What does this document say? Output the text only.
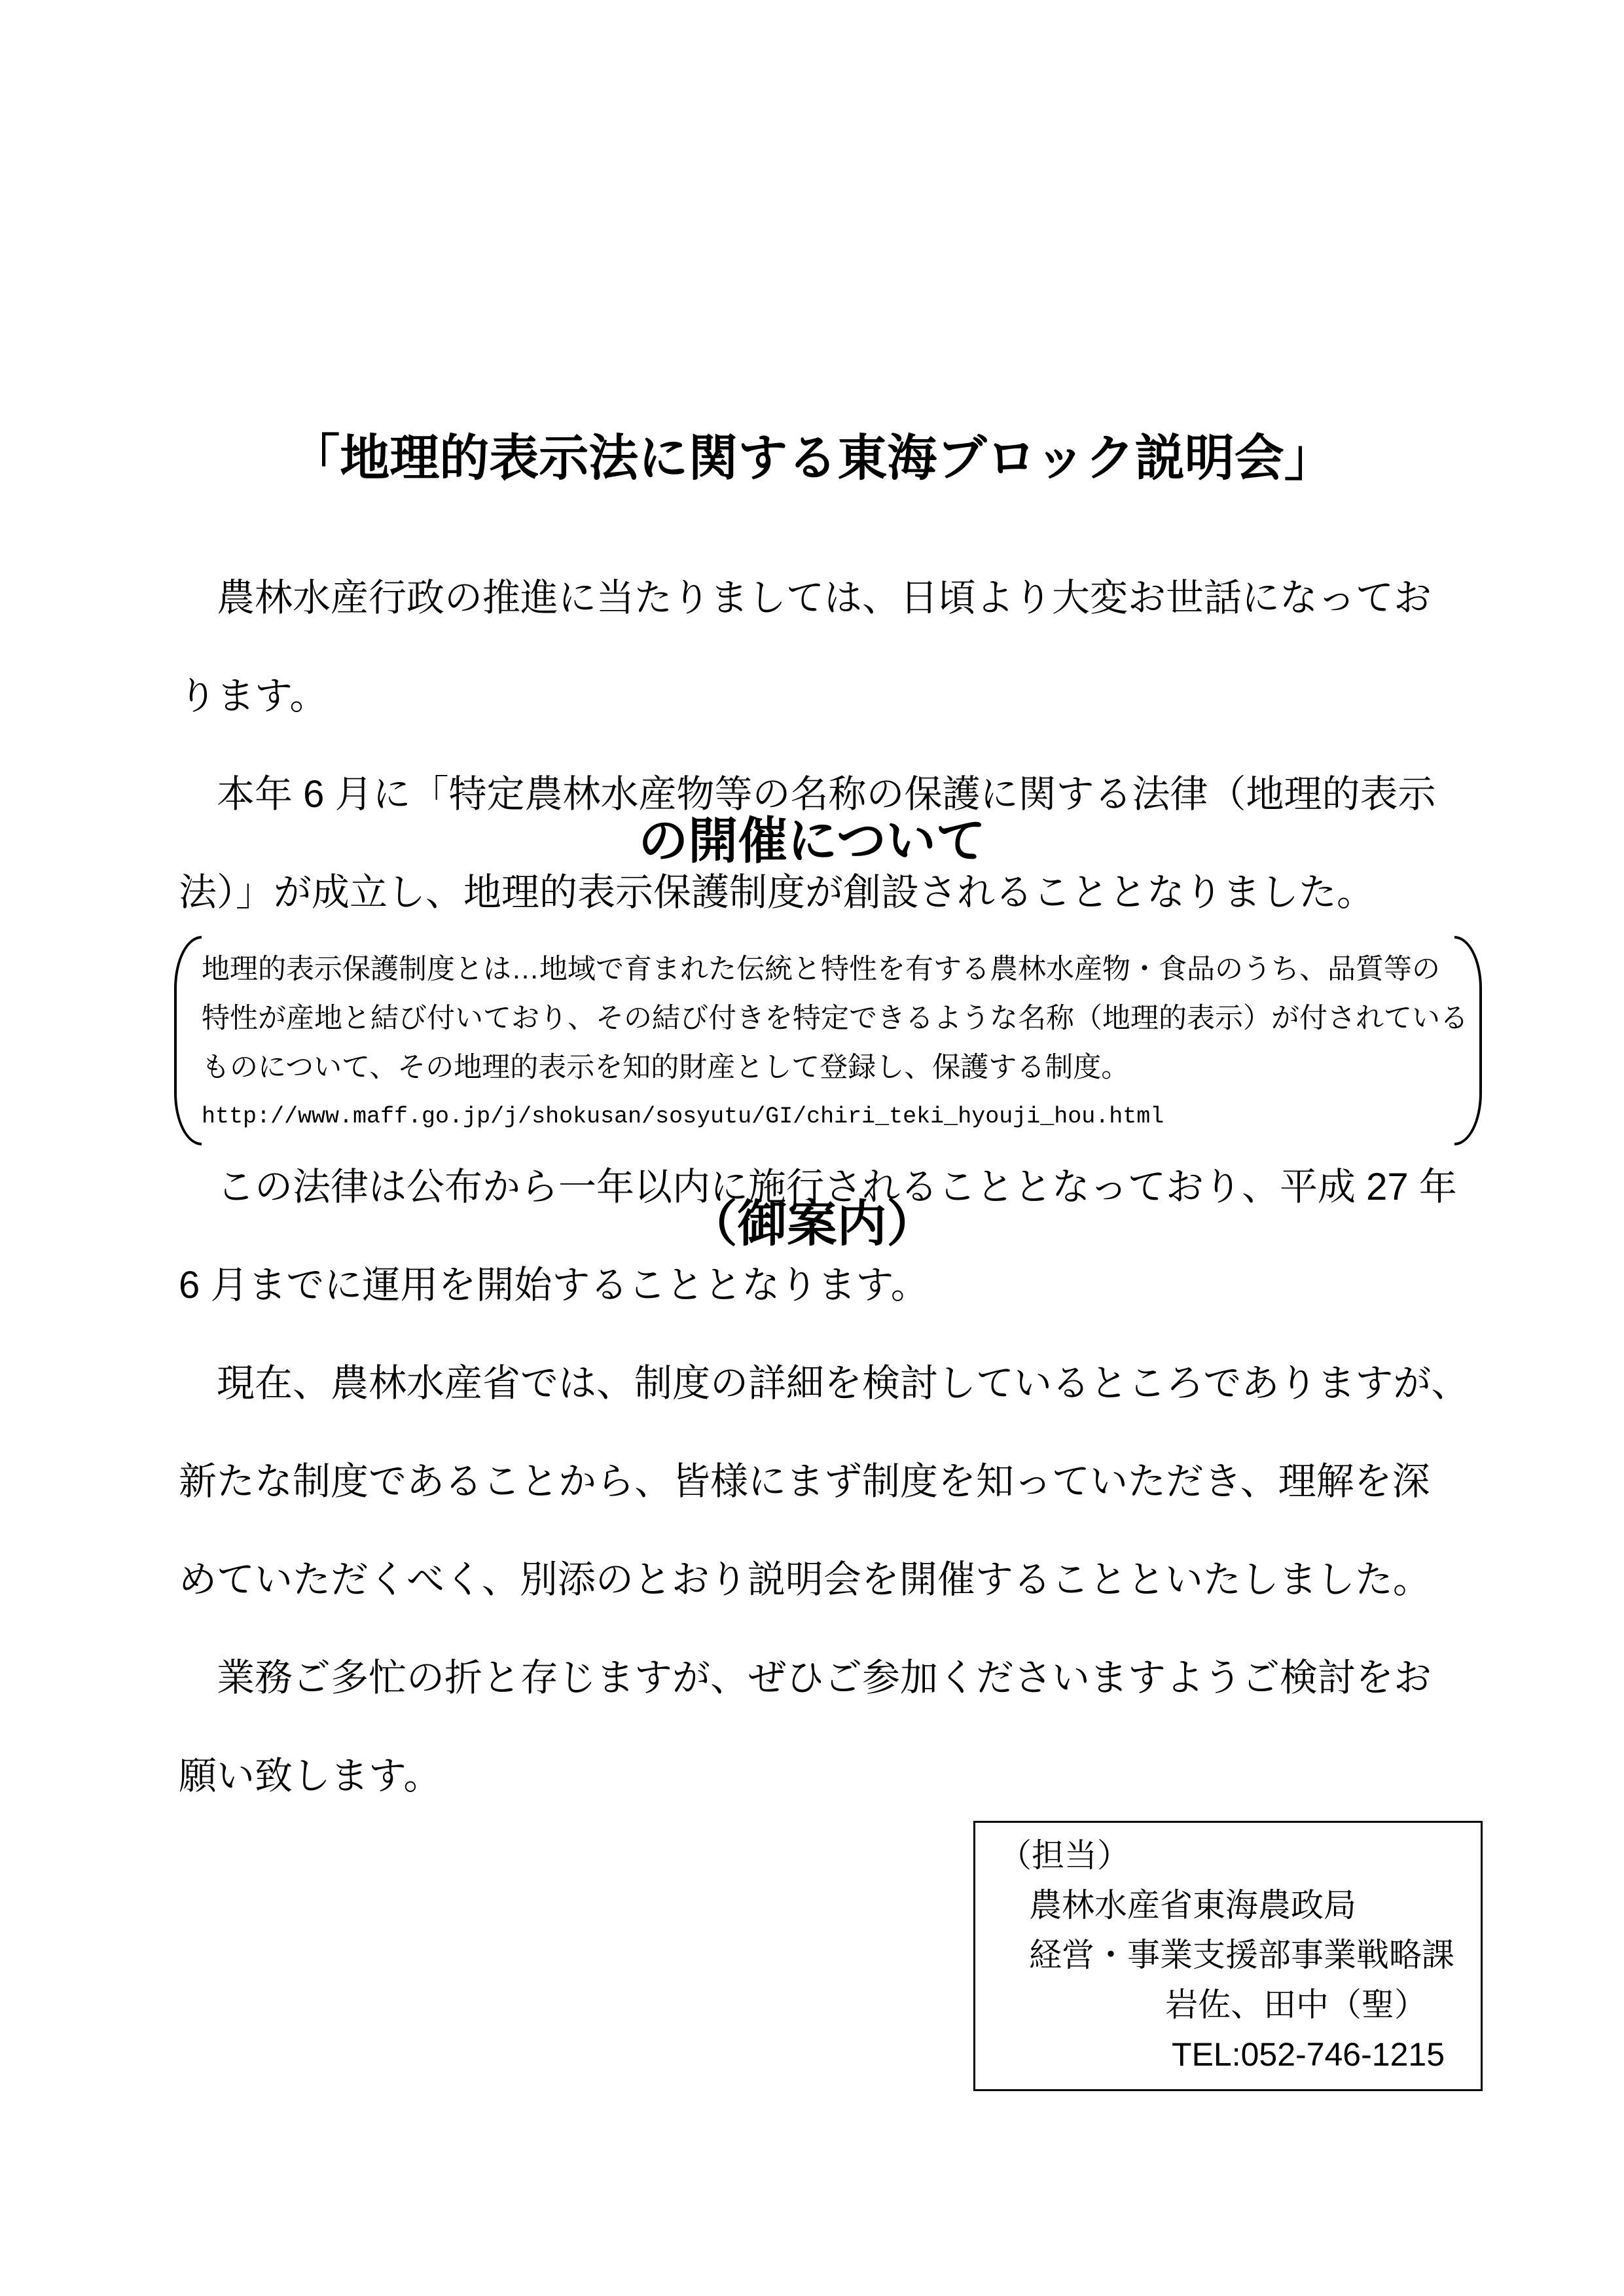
「地理的表示法に関する東海ブロック説明会」

の開催について

（御案内）

　農林水産行政の推進に当たりましては、日頃より大変お世話になってお
ります。
　本年 6 月に「特定農林水産物等の名称の保護に関する法律（地理的表示
法）」が成立し、地理的表示保護制度が創設されることとなりました。
地理的表示保護制度とは…地域で育まれた伝統と特性を有する農林水産物・食品のうち、品質等の
特性が産地と結び付いており、その結び付きを特定できるような名称（地理的表示）が付されている
ものについて、その地理的表示を知的財産として登録し、保護する制度。
http://www.maff.go.jp/j/shokusan/sosyutu/GI/chiri_teki_hyouji_hou.html
　この法律は公布から一年以内に施行されることとなっており、平成 27 年
6 月までに運用を開始することとなります。
　現在、農林水産省では、制度の詳細を検討しているところでありますが、
新たな制度であることから、皆様にまず制度を知っていただき、理解を深
めていただくべく、別添のとおり説明会を開催することといたしました。
　業務ご多忙の折と存じますが、ぜひご参加くださいますようご検討をお
願い致します。
（担当）
農林水産省東海農政局
経営・事業支援部事業戦略課
岩佐、田中（聖）
TEL:052-746-1215
